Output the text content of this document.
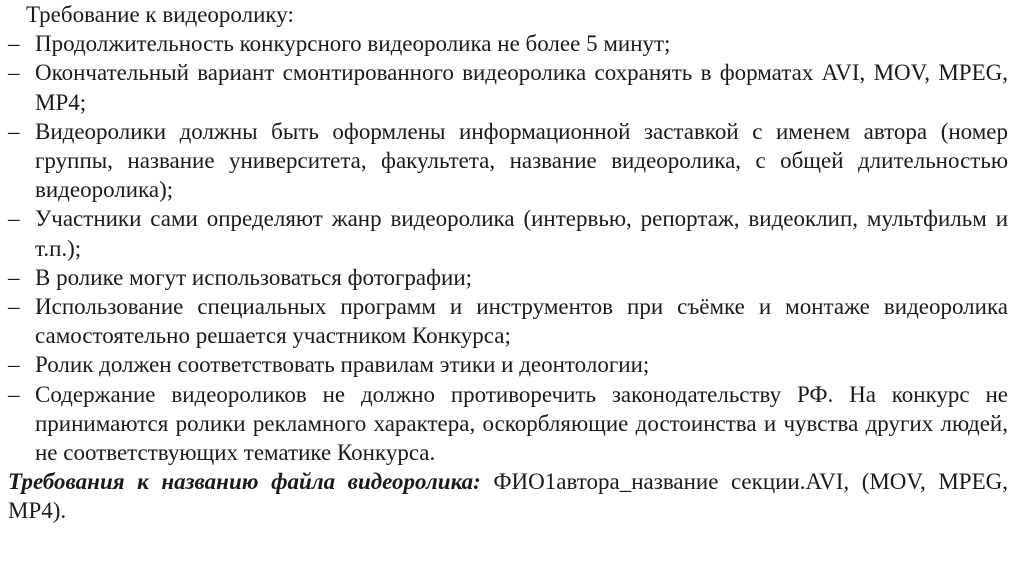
Требование к видеоролику:

– Продолжительность конкурсного видеоролика не более 5 минут;
– Окончательный вариант смонтированного видеоролика сохранять в форматах AVI, MOV, MPEG, MP4;
– Видеоролики должны быть оформлены информационной заставкой с именем автора (номер группы, название университета, факультета, название видеоролика, с общей длительностью видеоролика);
– Участники сами определяют жанр видеоролика (интервью, репортаж, видеоклип, мультфильм и т.п.);
– В ролике могут использоваться фотографии;
– Использование специальных программ и инструментов при съёмке и монтаже видеоролика самостоятельно решается участником Конкурса;
– Ролик должен соответствовать правилам этики и деонтологии;
– Содержание видеороликов не должно противоречить законодательству РФ. На конкурс не принимаются ролики рекламного характера, оскорбляющие достоинства и чувства других людей, не соответствующих тематике Конкурса.

Требования к названию файла видеоролика: ФИО1автора_название секции.AVI, (MOV, MPEG, MP4).
